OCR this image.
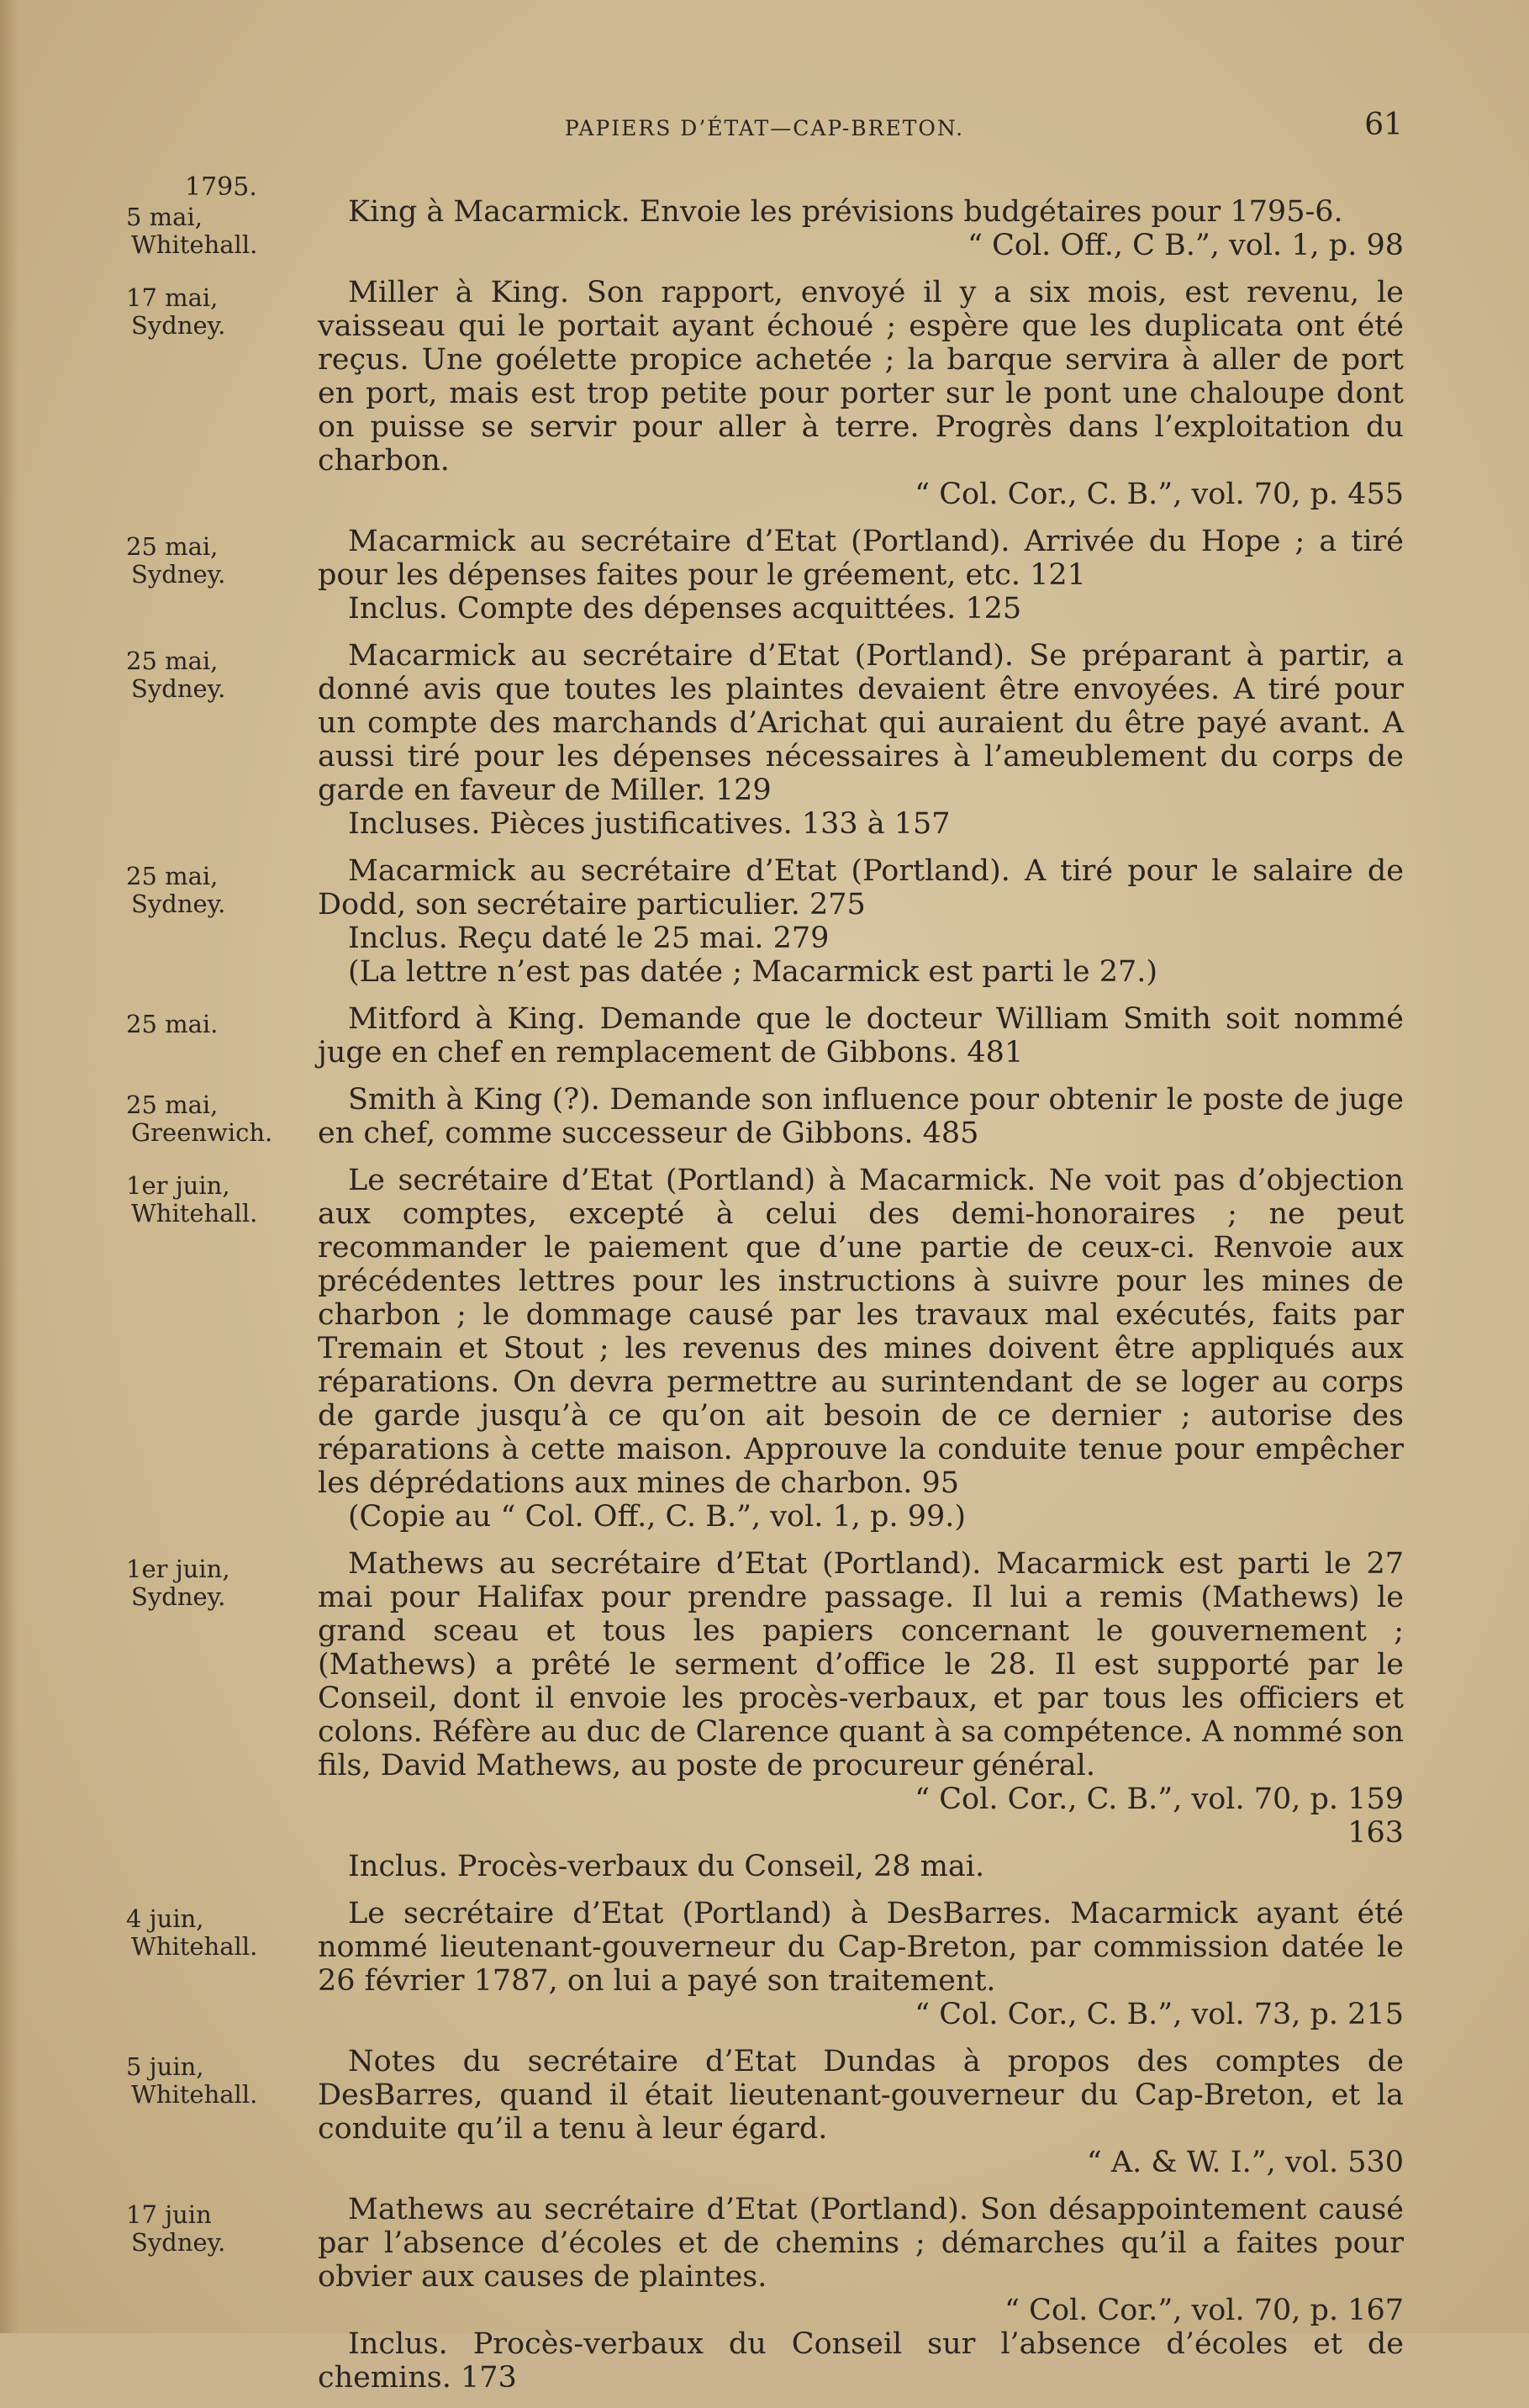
PAPIERS D’ÉTAT—CAP-BRETON.	61
1795.
5 mai,
Whitehall.
King à Macarmick. Envoie les prévisions budgétaires pour 1795-6.
“ Col. Off., C B.”, vol. 1, p. 98
17 mai,
Sydney.
Miller à King. Son rapport, envoyé il y a six mois, est revenu, le vaisseau qui le portait ayant échoué ; espère que les duplicata ont été reçus. Une goélette propice achetée ; la barque servira à aller de port en port, mais est trop petite pour porter sur le pont une chaloupe dont on puisse se servir pour aller à terre. Progrès dans l’exploitation du charbon.
“ Col. Cor., C. B.”, vol. 70, p. 455
25 mai,
Sydney.
Macarmick au secrétaire d’Etat (Portland). Arrivée du Hope ; a tiré pour les dépenses faites pour le gréement, etc. 121
Inclus. Compte des dépenses acquittées. 125
25 mai,
Sydney.
Macarmick au secrétaire d’Etat (Portland). Se préparant à partir, a donné avis que toutes les plaintes devaient être envoyées. A tiré pour un compte des marchands d’Arichat qui auraient du être payé avant. A aussi tiré pour les dépenses nécessaires à l’ameublement du corps de garde en faveur de Miller. 129
Incluses. Pièces justificatives. 133 à 157
25 mai,
Sydney.
Macarmick au secrétaire d’Etat (Portland). A tiré pour le salaire de Dodd, son secrétaire particulier. 275
Inclus. Reçu daté le 25 mai. 279
(La lettre n’est pas datée ; Macarmick est parti le 27.)
25 mai.	Mitford à King. Demande que le docteur William Smith soit nommé juge en chef en remplacement de Gibbons. 481
25 mai,
Greenwich.
Smith à King (?). Demande son influence pour obtenir le poste de juge en chef, comme successeur de Gibbons. 485
1er juin,
Whitehall.
Le secrétaire d’Etat (Portland) à Macarmick. Ne voit pas d’objection aux comptes, excepté à celui des demi-honoraires ; ne peut recommander le paiement que d’une partie de ceux-ci. Renvoie aux précédentes lettres pour les instructions à suivre pour les mines de charbon ; le dommage causé par les travaux mal exécutés, faits par Tremain et Stout ; les revenus des mines doivent être appliqués aux réparations. On devra permettre au surintendant de se loger au corps de garde jusqu’à ce qu’on ait besoin de ce dernier ; autorise des réparations à cette maison. Approuve la conduite tenue pour empêcher les déprédations aux mines de charbon. 95
(Copie au “ Col. Off., C. B.”, vol. 1, p. 99.)
1er juin,
Sydney.
Mathews au secrétaire d’Etat (Portland). Macarmick est parti le 27 mai pour Halifax pour prendre passage. Il lui a remis (Mathews) le grand sceau et tous les papiers concernant le gouvernement ; (Mathews) a prêté le serment d’office le 28. Il est supporté par le Conseil, dont il envoie les procès-verbaux, et par tous les officiers et colons. Réfère au duc de Clarence quant à sa compétence. A nommé son fils, David Mathews, au poste de procureur général.
“ Col. Cor., C. B.”, vol. 70, p. 159
163
Inclus. Procès-verbaux du Conseil, 28 mai.
4 juin,
Whitehall.
Le secrétaire d’Etat (Portland) à DesBarres. Macarmick ayant été nommé lieutenant-gouverneur du Cap-Breton, par commission datée le 26 février 1787, on lui a payé son traitement.
“ Col. Cor., C. B.”, vol. 73, p. 215
5 juin,
Whitehall.
Notes du secrétaire d’Etat Dundas à propos des comptes de DesBarres, quand il était lieutenant-gouverneur du Cap-Breton, et la conduite qu’il a tenu à leur égard.
“ A. & W. I.”, vol. 530
17 juin
Sydney.
Mathews au secrétaire d’Etat (Portland). Son désappointement causé par l’absence d’écoles et de chemins ; démarches qu’il a faites pour obvier aux causes de plaintes.
“ Col. Cor.”, vol. 70, p. 167
Inclus. Procès-verbaux du Conseil sur l’absence d’écoles et de chemins. 173
